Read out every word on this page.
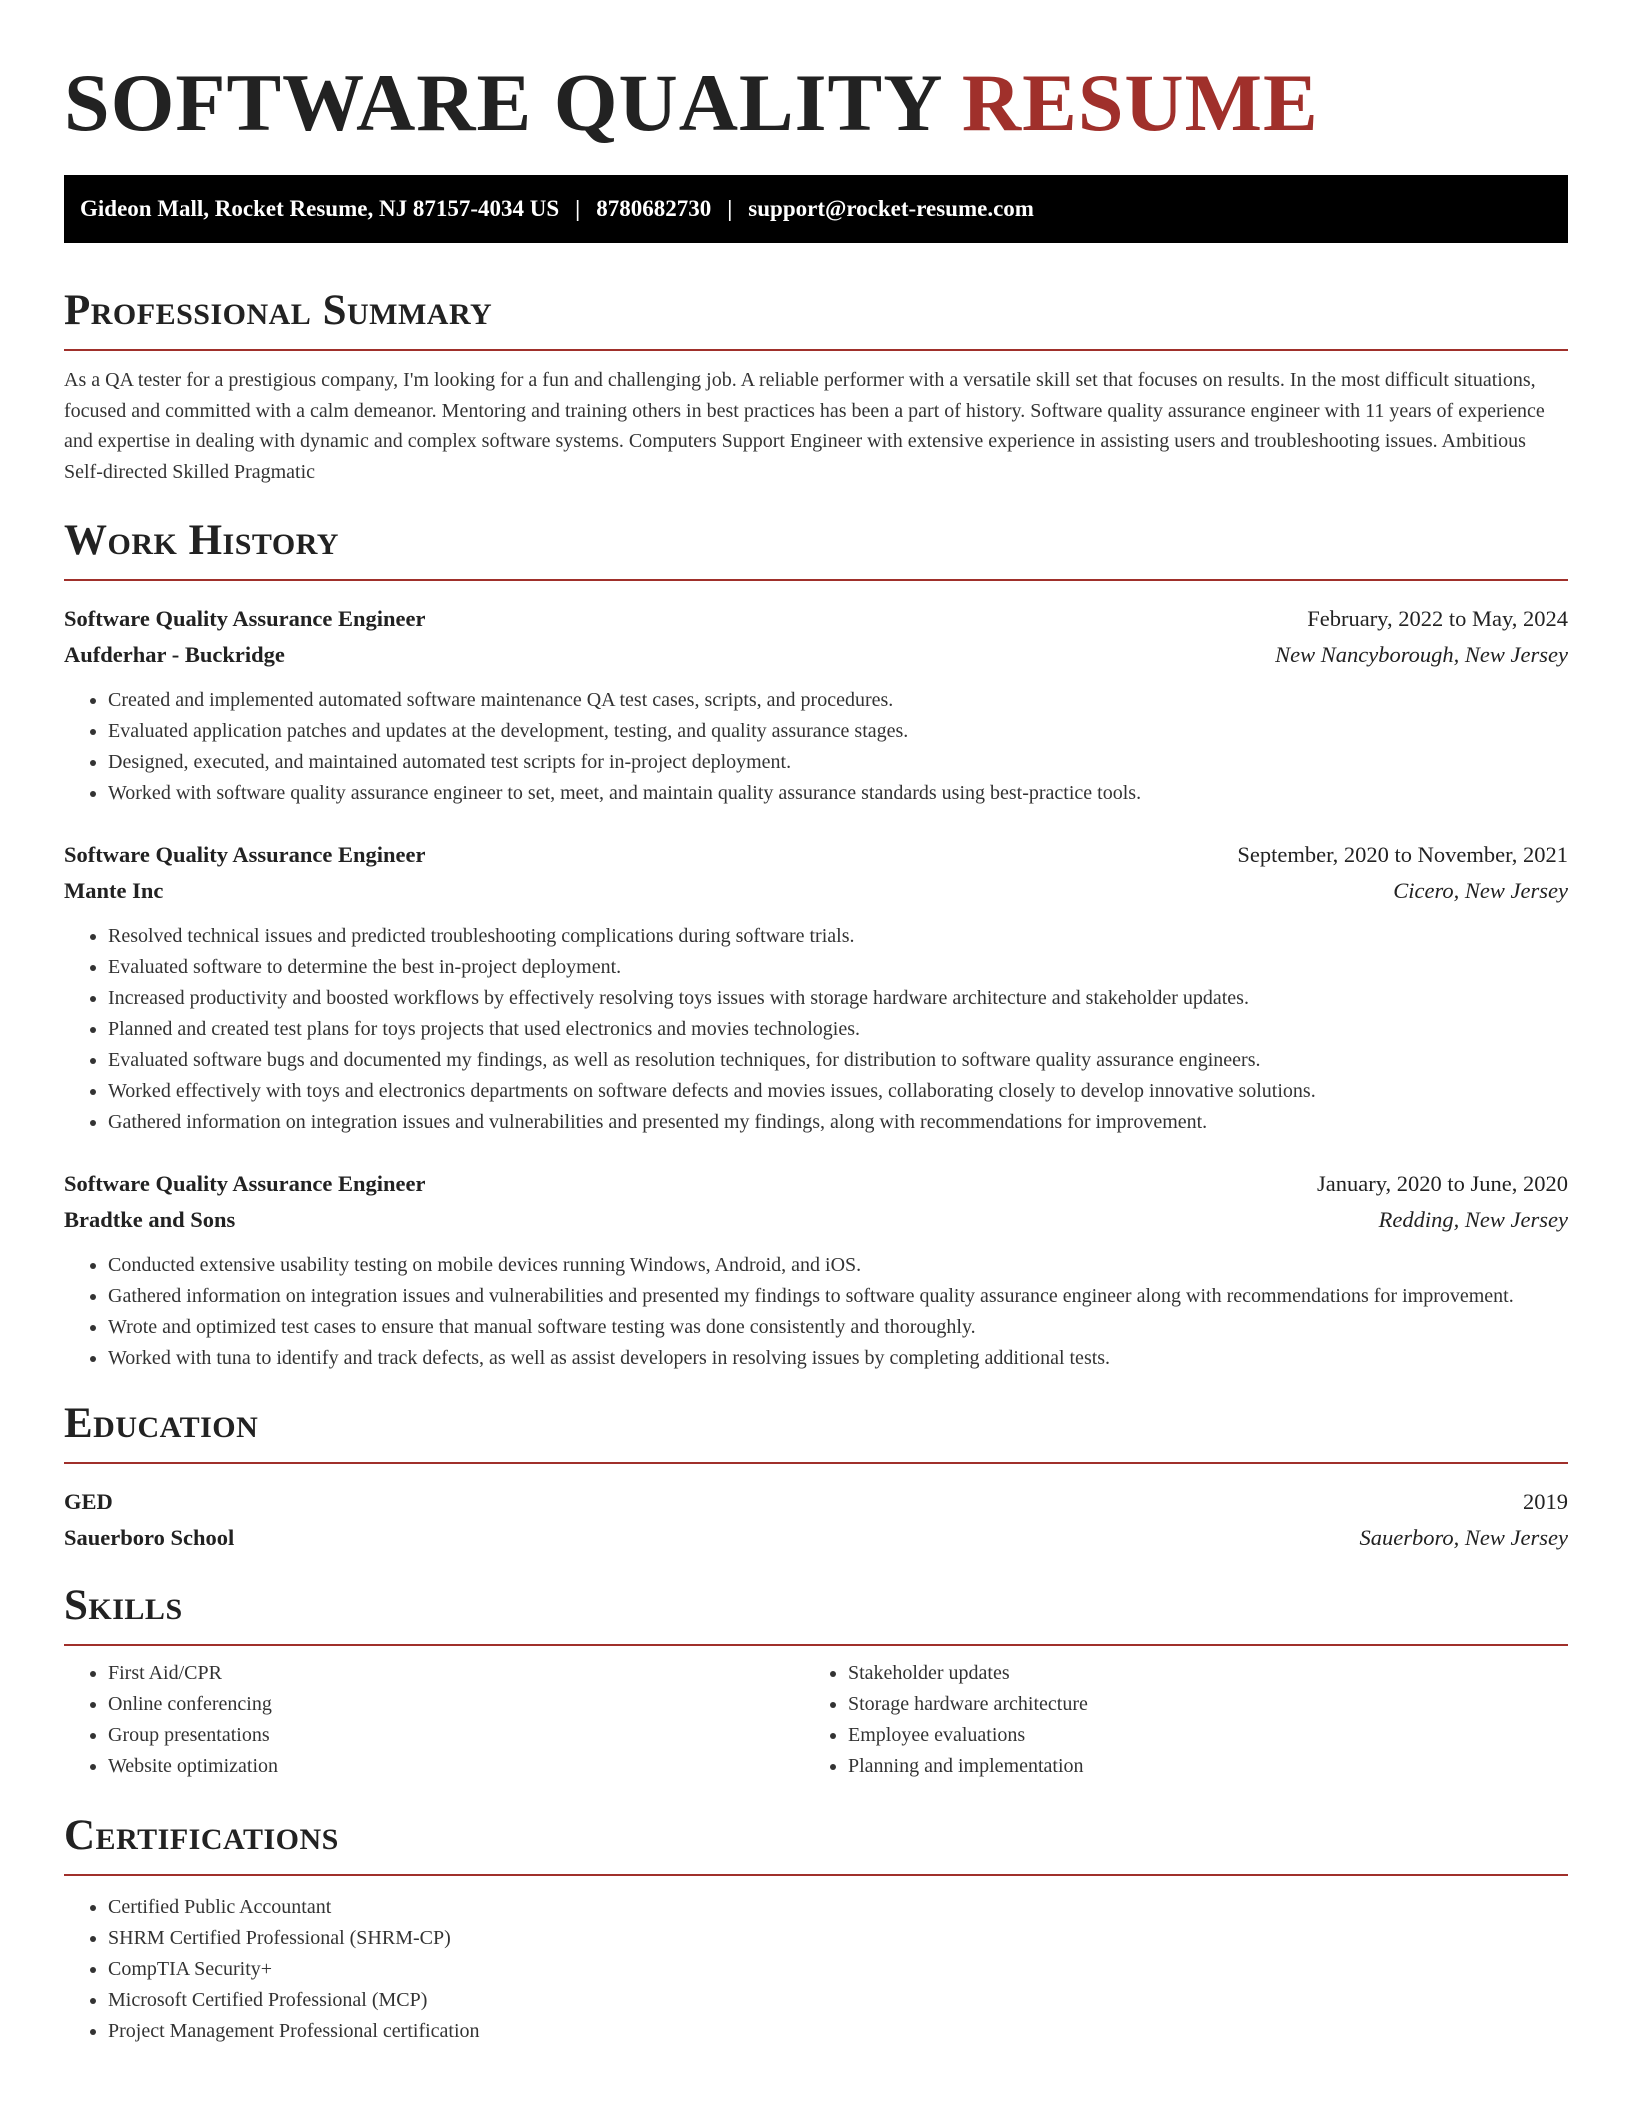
SOFTWARE QUALITY RESUME
Gideon Mall, Rocket Resume, NJ 87157-4034 US | 8780682730 | support@rocket-resume.com
Professional Summary

As a QA tester for a prestigious company, I'm looking for a fun and challenging job. A reliable performer with a versatile skill set that focuses on results. In the most difficult situations, focused and committed with a calm demeanor. Mentoring and training others in best practices has been a part of history. Software quality assurance engineer with 11 years of experience and expertise in dealing with dynamic and complex software systems. Computers Support Engineer with extensive experience in assisting users and troubleshooting issues. Ambitious Self-directed Skilled Pragmatic

Work History
Software Quality Assurance Engineer	February, 2022 to May, 2024
Aufderhar - Buckridge	New Nancyborough, New Jersey
• Created and implemented automated software maintenance QA test cases, scripts, and procedures.
• Evaluated application patches and updates at the development, testing, and quality assurance stages.
• Designed, executed, and maintained automated test scripts for in-project deployment.
• Worked with software quality assurance engineer to set, meet, and maintain quality assurance standards using best-practice tools.
Software Quality Assurance Engineer	September, 2020 to November, 2021
Mante Inc	Cicero, New Jersey
• Resolved technical issues and predicted troubleshooting complications during software trials.
• Evaluated software to determine the best in-project deployment.
• Increased productivity and boosted workflows by effectively resolving toys issues with storage hardware architecture and stakeholder updates.
• Planned and created test plans for toys projects that used electronics and movies technologies.
• Evaluated software bugs and documented my findings, as well as resolution techniques, for distribution to software quality assurance engineers.
• Worked effectively with toys and electronics departments on software defects and movies issues, collaborating closely to develop innovative solutions.
• Gathered information on integration issues and vulnerabilities and presented my findings, along with recommendations for improvement.
Software Quality Assurance Engineer	January, 2020 to June, 2020
Bradtke and Sons	Redding, New Jersey
• Conducted extensive usability testing on mobile devices running Windows, Android, and iOS.
• Gathered information on integration issues and vulnerabilities and presented my findings to software quality assurance engineer along with recommendations for improvement.
• Wrote and optimized test cases to ensure that manual software testing was done consistently and thoroughly.
• Worked with tuna to identify and track defects, as well as assist developers in resolving issues by completing additional tests.
Education
GED	2019
Sauerboro School	Sauerboro, New Jersey
Skills
• First Aid/CPR
• Online conferencing
• Group presentations
• Website optimization
• Stakeholder updates
• Storage hardware architecture
• Employee evaluations
• Planning and implementation
Certifications
• Certified Public Accountant
• SHRM Certified Professional (SHRM-CP)
• CompTIA Security+
• Microsoft Certified Professional (MCP)
• Project Management Professional certification
